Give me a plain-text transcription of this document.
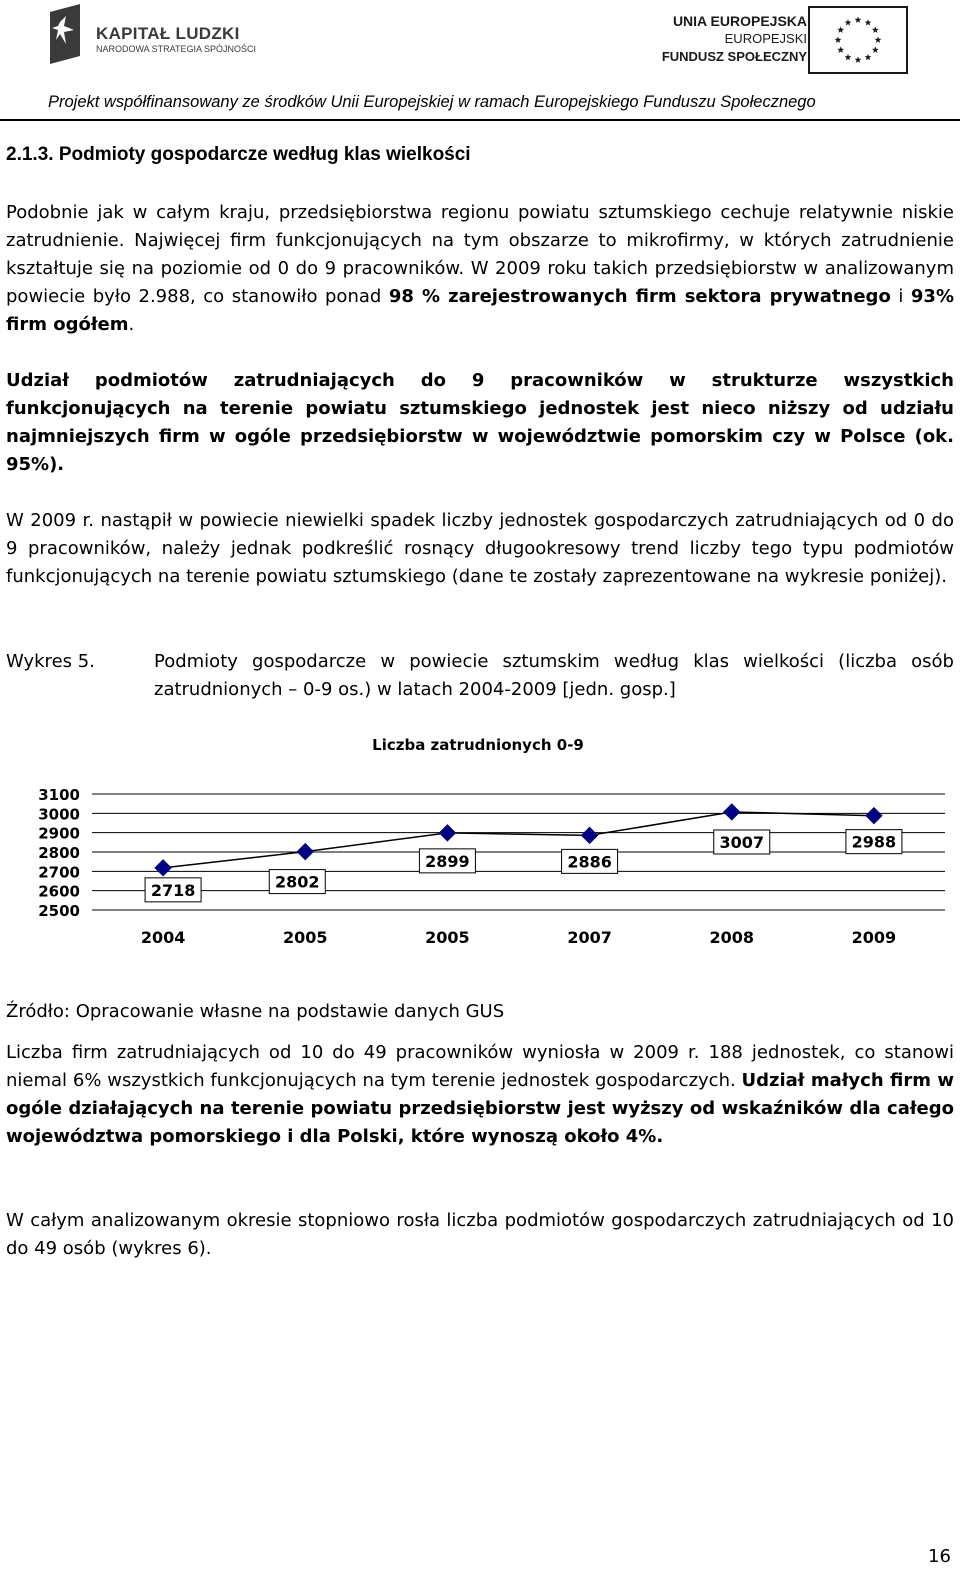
KAPITAŁ LUDZKI
NARODOWA STRATEGIA SPÓJNOŚCI
UNIA EUROPEJSKA
EUROPEJSKI
FUNDUSZ SPOŁECZNY
Projekt współfinansowany ze środków Unii Europejskiej w ramach Europejskiego Funduszu Społecznego
2.1.3. Podmioty gospodarcze według klas wielkości
Podobnie jak w całym kraju, przedsiębiorstwa regionu powiatu sztumskiego cechuje relatywnie niskie zatrudnienie. Najwięcej firm funkcjonujących na tym obszarze to mikrofirmy, w których zatrudnienie kształtuje się na poziomie od 0 do 9 pracowników. W 2009 roku takich przedsiębiorstw w analizowanym powiecie było 2.988, co stanowiło ponad 98 % zarejestrowanych firm sektora prywatnego i 93% firm ogółem.
Udział podmiotów zatrudniających do 9 pracowników w strukturze wszystkich funkcjonujących na terenie powiatu sztumskiego jednostek jest nieco niższy od udziału najmniejszych firm w ogóle przedsiębiorstw w województwie pomorskim czy w Polsce (ok. 95%).
W 2009 r. nastąpił w powiecie niewielki spadek liczby jednostek gospodarczych zatrudniających od 0 do 9 pracowników, należy jednak podkreślić rosnący długookresowy trend liczby tego typu podmiotów funkcjonujących na terenie powiatu sztumskiego (dane te zostały zaprezentowane na wykresie poniżej).
Wykres 5.	Podmioty gospodarcze w powiecie sztumskim według klas wielkości (liczba osób zatrudnionych – 0-9 os.) w latach 2004-2009 [jedn. gosp.]
Liczba zatrudnionych 0-9
3100
3000
2900
2800
2700
2600
2500
2004	2005	2005	2007	2008	2009
2718	2802
2899	2886
3007	2988
Źródło: Opracowanie własne na podstawie danych GUS
Liczba firm zatrudniających od 10 do 49 pracowników wyniosła w 2009 r. 188 jednostek, co stanowi niemal 6% wszystkich funkcjonujących na tym terenie jednostek gospodarczych. Udział małych firm w ogóle działających na terenie powiatu przedsiębiorstw jest wyższy od wskaźników dla całego województwa pomorskiego i dla Polski, które wynoszą około 4%.
W całym analizowanym okresie stopniowo rosła liczba podmiotów gospodarczych zatrudniających od 10 do 49 osób (wykres 6).
16
